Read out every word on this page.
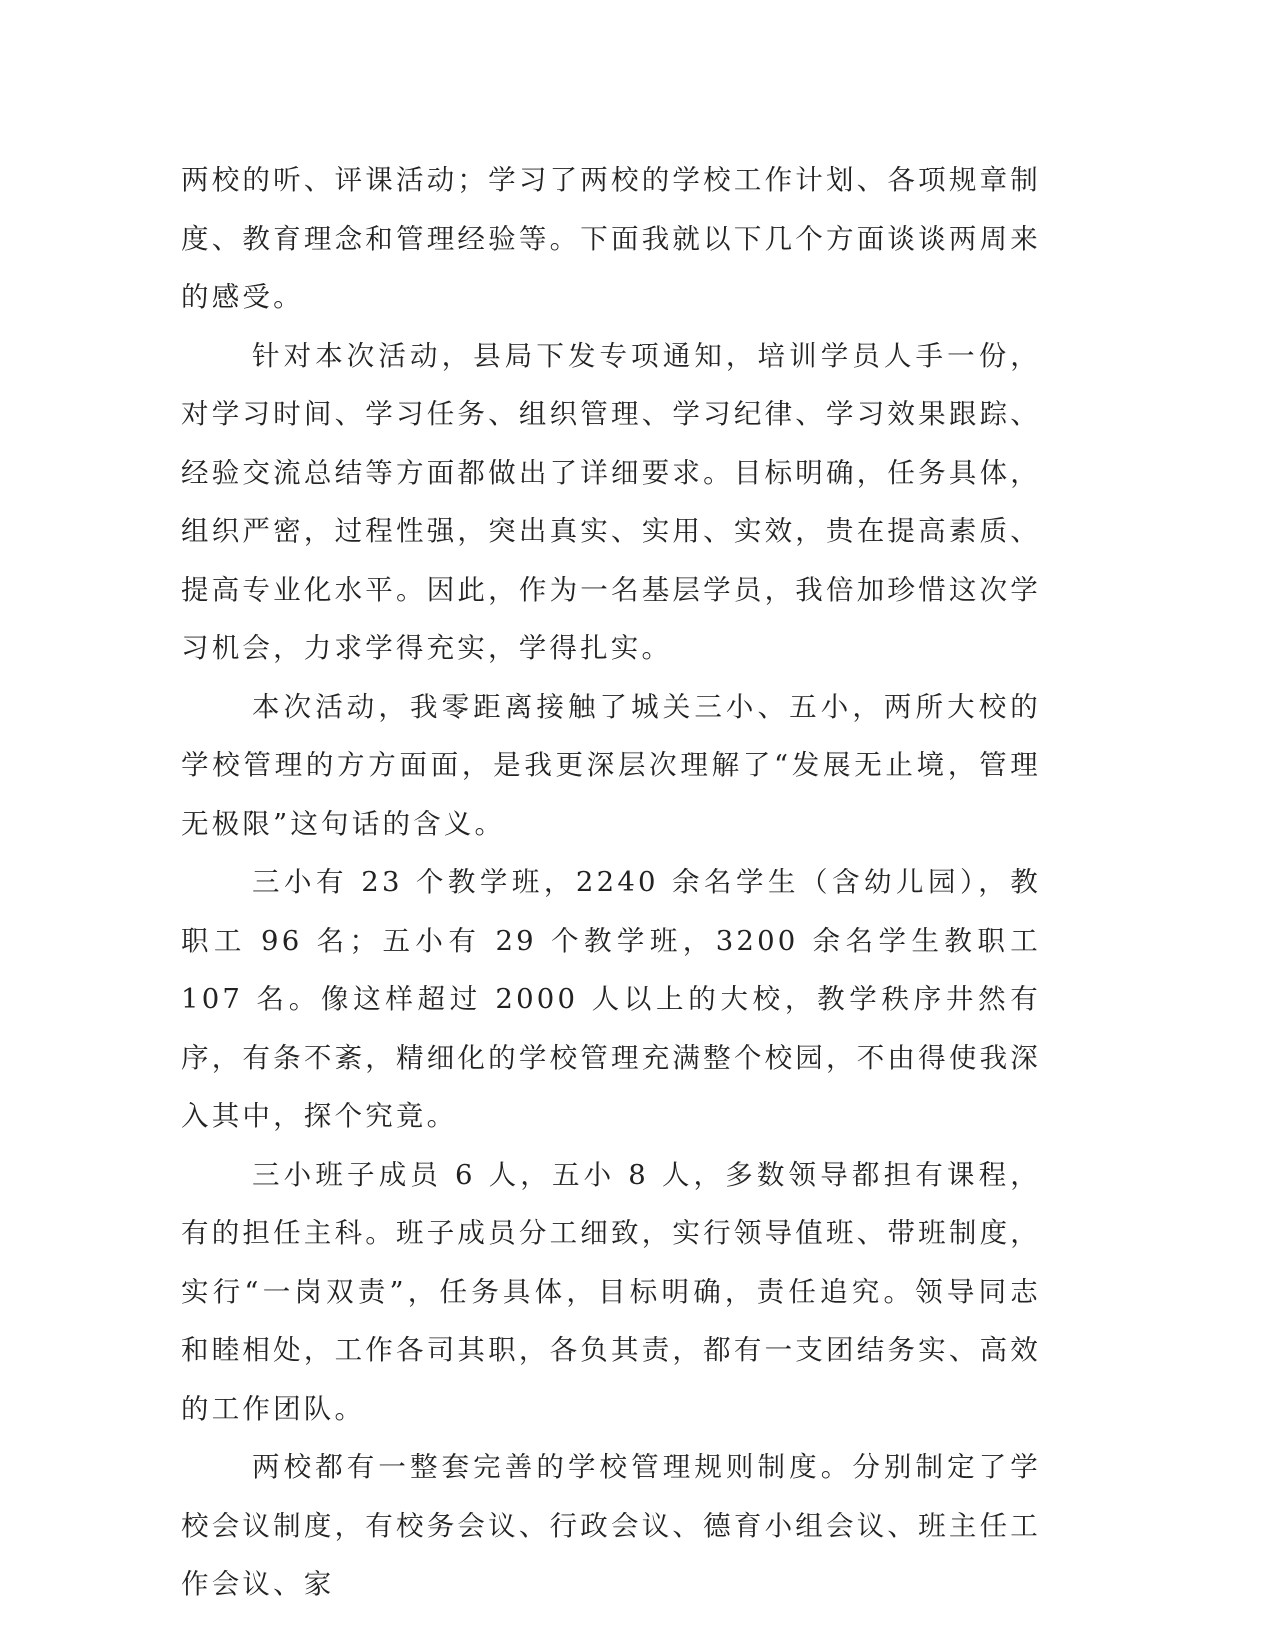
两校的听、评课活动；学习了两校的学校工作计划、各项规章制度、教育理念和管理经验等。下面我就以下几个方面谈谈两周来的感受。

针对本次活动，县局下发专项通知，培训学员人手一份，对学习时间、学习任务、组织管理、学习纪律、学习效果跟踪、经验交流总结等方面都做出了详细要求。目标明确，任务具体，组织严密，过程性强，突出真实、实用、实效，贵在提高素质、提高专业化水平。因此，作为一名基层学员，我倍加珍惜这次学习机会，力求学得充实，学得扎实。

本次活动，我零距离接触了城关三小、五小，两所大校的学校管理的方方面面，是我更深层次理解了“发展无止境，管理无极限”这句话的含义。

三小有 23 个教学班，2240 余名学生（含幼儿园），教职工 96 名；五小有 29 个教学班，3200 余名学生教职工 107 名。像这样超过 2000 人以上的大校，教学秩序井然有序，有条不紊，精细化的学校管理充满整个校园，不由得使我深入其中，探个究竟。

三小班子成员 6 人，五小 8 人，多数领导都担有课程，有的担任主科。班子成员分工细致，实行领导值班、带班制度，实行“一岗双责”，任务具体，目标明确，责任追究。领导同志和睦相处，工作各司其职，各负其责，都有一支团结务实、高效的工作团队。

两校都有一整套完善的学校管理规则制度。分别制定了学校会议制度，有校务会议、行政会议、德育小组会议、班主任工作会议、家
